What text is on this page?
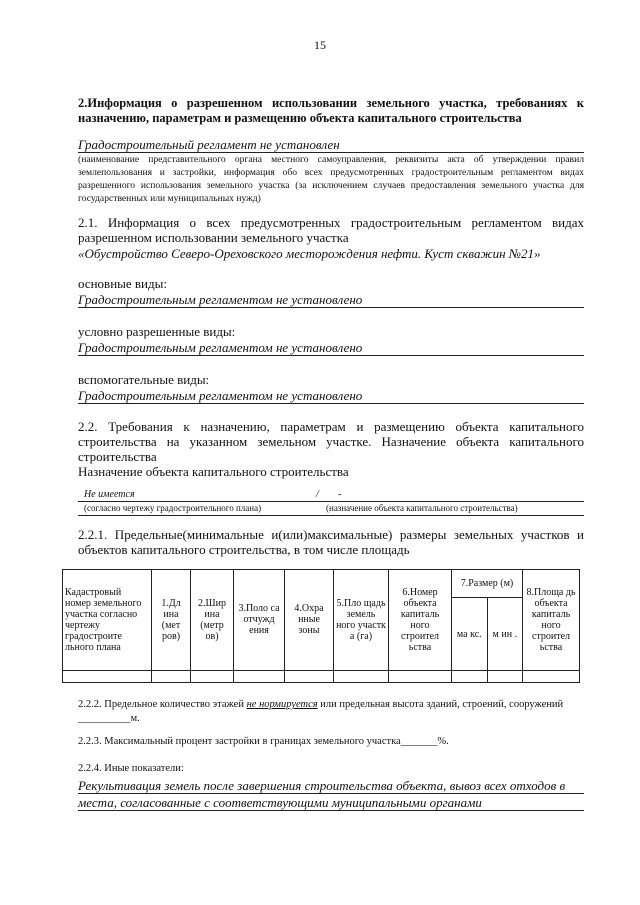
15
2.Информация о разрешенном использовании земельного участка, требованиях к назначению, параметрам и размещению объекта капитального строительства
Градостроительный регламент не установлен
(наименование представительного органа местного самоуправления, реквизиты акта об утверждении правил землепользования и застройки, информация обо всех предусмотренных градостроительным регламентом видах разрешенного использования земельного участка (за исключением случаев предоставления земельного участка для государственных или муниципальных нужд)
2.1. Информация о всех предусмотренных градостроительным регламентом видах разрешенном использовании земельного участка
«Обустройство Северо-Ореховского месторождения нефти. Куст скважин №21»
основные виды:
Градостроительным регламентом не установлено
условно разрешенные виды:
Градостроительным регламентом не установлено
вспомогательные виды:
Градостроительным регламентом не установлено
2.2. Требования к назначению, параметрам и размещению объекта капитального строительства на указанном земельном участке. Назначение объекта капитального строительства
Назначение объекта капитального строительства
Не имеется	/ -
(согласно чертежу градостроительного плана)	(назначение объекта капитального строительства)
2.2.1. Предельные(минимальные и(или)максимальные) размеры земельных участков и объектов капитального строительства, в том числе площадь
Кадастровый номер земельного участка согласно чертежу градостроите льного плана	1.Дл ина (мет ров)	2.Шир ина (метр ов)	3.Поло са отчужд ения	4.Охра нные зоны	5.Пло щадь земель ного участк а (га)	6.Номер объекта капиталь ного строител ьства	7.Размер (м)		8.Площа дь объекта капиталь ного строител ьства
							ма кс.	м ин .	

2.2.2. Предельное количество этажей не нормируется или предельная высота зданий, строений, сооружений
__________м.
2.2.3. Максимальный процент застройки в границах земельного участка_______%.
2.2.4. Иные показатели:
Рекультивация земель после завершения строительства объекта, вывоз всех отходов в
места, согласованные с соответствующими муниципальными органами
